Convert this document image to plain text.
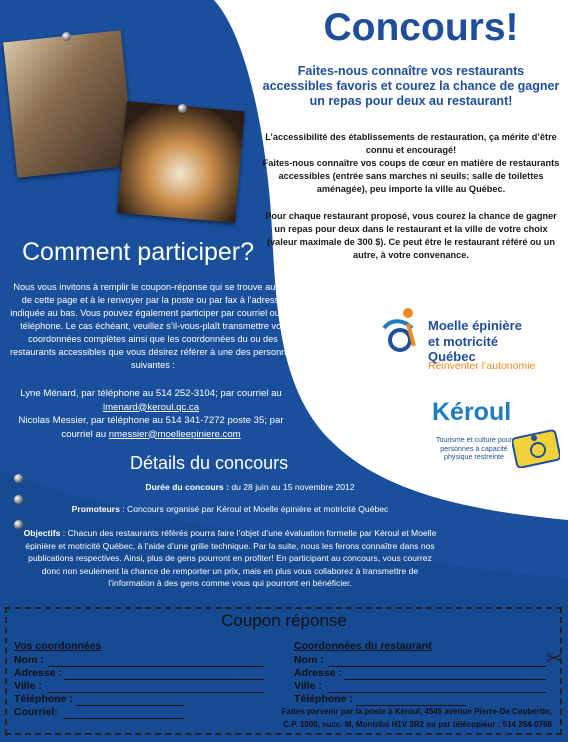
Concours!
Faites-nous connaître vos restaurants accessibles favoris et courez la chance de gagner un repas pour deux au restaurant!
L’accessibilité des établissements de restauration, ça mérite d’être connu et encouragé!
Faites-nous connaître vos coups de cœur en matière de restaurants accessibles (entrée sans marches ni seuils; salle de toilettes aménagée), peu importe la ville au Québec.
Pour chaque restaurant proposé, vous courez la chance de gagner un repas pour deux dans le restaurant et la ville de votre choix (valeur maximale de 300 $). Ce peut être le restaurant référé ou un autre, à votre convenance.
Comment participer?
Nous vous invitons à remplir le coupon-réponse qui se trouve au bas de cette page et à le renvoyer par la poste ou par fax à l’adresse indiquée au bas. Vous pouvez également participer par courriel ou par téléphone. Le cas échéant, veuillez s’il-vous-plaît transmettre vos coordonnées complètes ainsi que les coordonnées du ou des restaurants accessibles que vous désirez référer à une des personnes suivantes :
Lyne Ménard, par téléphone au 514 252-3104; par courriel au lmenard@keroul.qc.ca
Nicolas Messier, par téléphone au 514 341-7272 poste 35; par courriel au nmessier@moelleepiniere.com
Moelle épinière
et motricité Québec
Réinventer l’autonomie
Kéroul
Tourisme et culture pour personnes à capacité physique restreinte
Détails du concours
Durée du concours : du 28 juin au 15 novembre 2012
Promoteurs : Concours organisé par Kéroul et Moelle épinière et motricité Québec
Objectifs : Chacun des restaurants référés pourra faire l’objet d’une évaluation formelle par Kéroul et Moelle épinière et motricité Québec, à l’aide d’une grille technique. Par la suite, nous les ferons connaître dans nos publications respectives. Ainsi, plus de gens pourront en profiter! En participant au concours, vous courrez donc non seulement la chance de remporter un prix, mais en plus vous collaborez à transmettre de l’information à des gens comme vous qui pourront en bénéficier.
Coupon réponse
✂
Vos coordonnées	Coordonnées du restaurant
Nom :
Adresse :
Ville :
Téléphone :
Courriel:
Nom :
Adresse :
Ville :
Téléphone :
Faites parvenir par la poste à Kéroul, 4545 avenue Pierre-De Coubertin,
C.P. 1000, succ. M, Montréal H1V 3R2 ou par télécopieur : 514 254-0766
